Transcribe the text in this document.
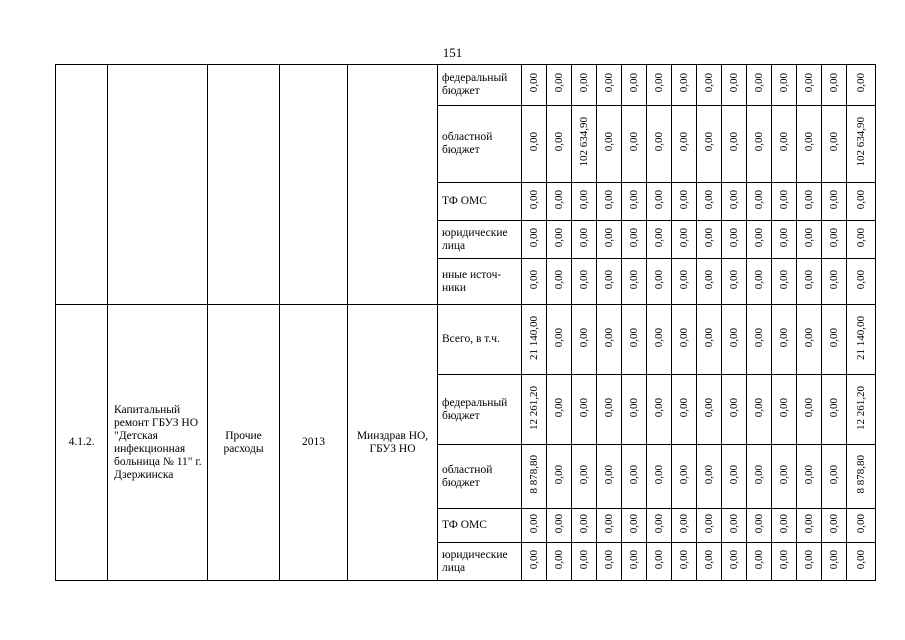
151
					федеральный бюджет	0,00	0,00	0,00	0,00	0,00	0,00	0,00	0,00	0,00	0,00	0,00	0,00	0,00	0,00
					областной бюджет	0,00	0,00	102 634,90	0,00	0,00	0,00	0,00	0,00	0,00	0,00	0,00	0,00	0,00	102 634,90
					ТФ ОМС	0,00	0,00	0,00	0,00	0,00	0,00	0,00	0,00	0,00	0,00	0,00	0,00	0,00	0,00
					юридические лица	0,00	0,00	0,00	0,00	0,00	0,00	0,00	0,00	0,00	0,00	0,00	0,00	0,00	0,00
					иные источ-ники	0,00	0,00	0,00	0,00	0,00	0,00	0,00	0,00	0,00	0,00	0,00	0,00	0,00	0,00
4.1.2.	Капитальный ремонт ГБУЗ НО "Детская инфекционная больница № 11" г. Дзержинска	Прочие расходы	2013	Минздрав НО, ГБУЗ НО	Всего, в т.ч.	21 140,00	0,00	0,00	0,00	0,00	0,00	0,00	0,00	0,00	0,00	0,00	0,00	0,00	21 140,00
					федеральный бюджет	12 261,20	0,00	0,00	0,00	0,00	0,00	0,00	0,00	0,00	0,00	0,00	0,00	0,00	12 261,20
					областной бюджет	8 878,80	0,00	0,00	0,00	0,00	0,00	0,00	0,00	0,00	0,00	0,00	0,00	0,00	8 878,80
					ТФ ОМС	0,00	0,00	0,00	0,00	0,00	0,00	0,00	0,00	0,00	0,00	0,00	0,00	0,00	0,00
					юридические лица	0,00	0,00	0,00	0,00	0,00	0,00	0,00	0,00	0,00	0,00	0,00	0,00	0,00	0,00
